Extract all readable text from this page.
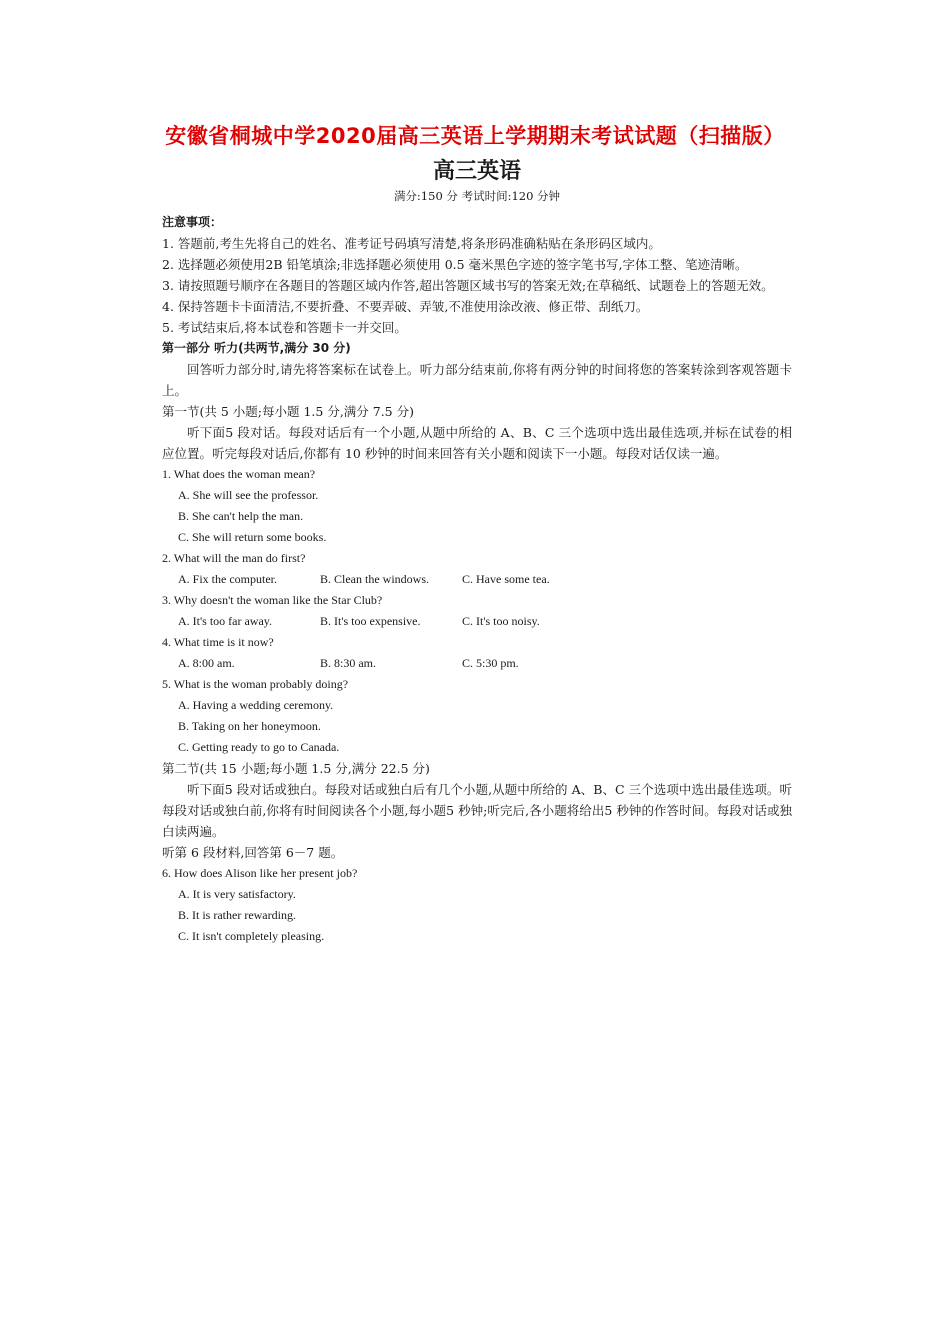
安徽省桐城中学2020届高三英语上学期期末考试试题（扫描版）
高三英语
满分:150 分 考试时间:120 分钟
注意事项：
1. 答题前,考生先将自己的姓名、准考证号码填写清楚,将条形码准确粘贴在条形码区域内。
2. 选择题必须使用2B 铅笔填涂;非选择题必须使用 0.5 毫米黑色字迹的签字笔书写,字体工整、笔迹清晰。
3. 请按照题号顺序在各题目的答题区域内作答,超出答题区域书写的答案无效;在草稿纸、试题卷上的答题无效。
4. 保持答题卡卡面清洁,不要折叠、不要弄破、弄皱,不准使用涂改液、修正带、刮纸刀。
5. 考试结束后,将本试卷和答题卡一并交回。
第一部分 听力(共两节,满分 30 分)
回答听力部分时,请先将答案标在试卷上。听力部分结束前,你将有两分钟的时间将您的答案转涂到客观答题卡上。
第一节(共 5 小题;每小题 1.5 分,满分 7.5 分)
听下面5 段对话。每段对话后有一个小题,从题中所给的 A、B、C 三个选项中选出最佳选项,并标在试卷的相应位置。听完每段对话后,你都有 10 秒钟的时间来回答有关小题和阅读下一小题。每段对话仅读一遍。
1. What does the woman mean?
A. She will see the professor.
B. She can't help the man.
C. She will return some books.
2. What will the man do first?
A. Fix the computer.	B. Clean the windows.	C. Have some tea.
3. Why doesn't the woman like the Star Club?
A. It's too far away.	B. It's too expensive.	C. It's too noisy.
4. What time is it now?
A. 8:00 am.	B. 8:30 am.	C. 5:30 pm.
5. What is the woman probably doing?
A. Having a wedding ceremony.
B. Taking on her honeymoon.
C. Getting ready to go to Canada.
第二节(共 15 小题;每小题 1.5 分,满分 22.5 分)
听下面5 段对话或独白。每段对话或独白后有几个小题,从题中所给的 A、B、C 三个选项中选出最佳选项。听每段对话或独白前,你将有时间阅读各个小题,每小题5 秒钟;听完后,各小题将给出5 秒钟的作答时间。每段对话或独白读两遍。
听第 6 段材料,回答第 6－7 题。
6. How does Alison like her present job?
A. It is very satisfactory.
B. It is rather rewarding.
C. It isn't completely pleasing.
